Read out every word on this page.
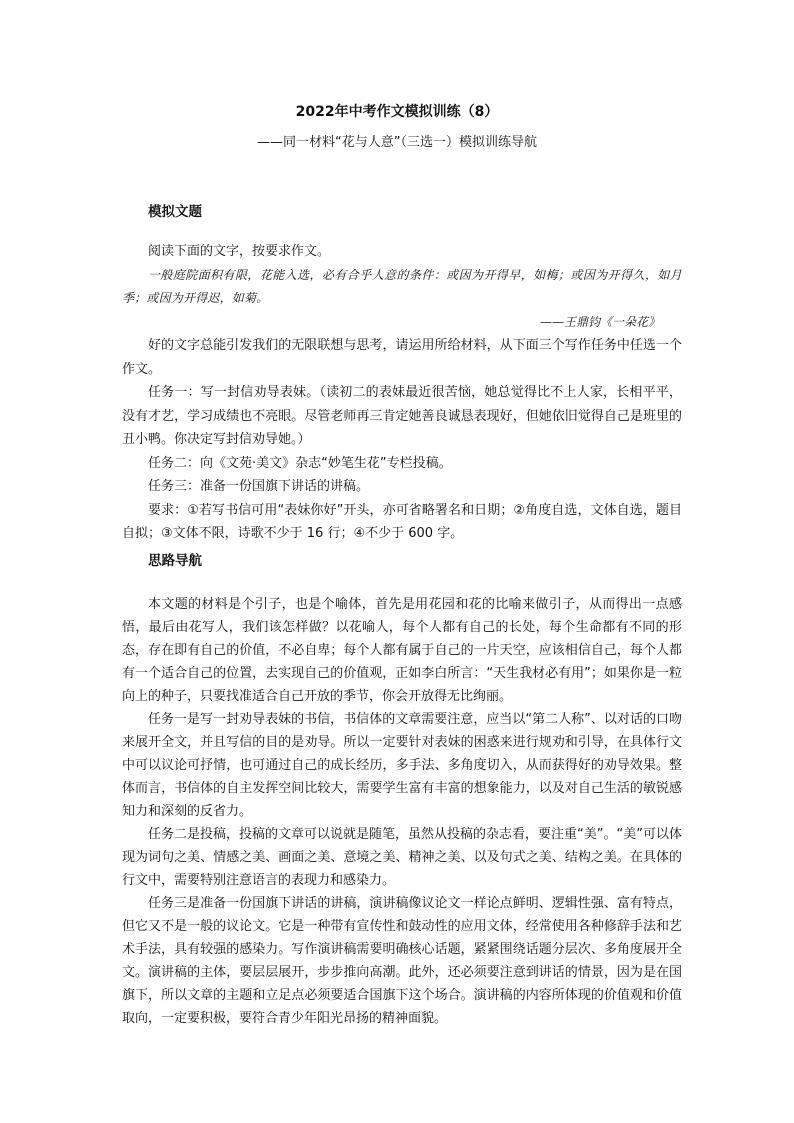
2022年中考作文模拟训练（8）
——同一材料“花与人意”（三选一）模拟训练导航
模拟文题

阅读下面的文字，按要求作文。

一般庭院面积有限，花能入选，必有合乎人意的条件：或因为开得早，如梅；或因为开得久，如月季；或因为开得迟，如菊。

——王鼎钧《一朵花》

好的文字总能引发我们的无限联想与思考，请运用所给材料，从下面三个写作任务中任选一个作文。

任务一：写一封信劝导表妹。（读初二的表妹最近很苦恼，她总觉得比不上人家，长相平平，没有才艺，学习成绩也不亮眼。尽管老师再三肯定她善良诚恳表现好，但她依旧觉得自己是班里的丑小鸭。你决定写封信劝导她。）

任务二：向《文苑·美文》杂志“妙笔生花”专栏投稿。

任务三：准备一份国旗下讲话的讲稿。

要求：①若写书信可用“表妹你好”开头，亦可省略署名和日期；②角度自选，文体自选，题目自拟；③文体不限，诗歌不少于 16 行；④不少于 600 字。

思路导航

本文题的材料是个引子，也是个喻体，首先是用花园和花的比喻来做引子，从而得出一点感悟，最后由花写人，我们该怎样做？以花喻人，每个人都有自己的长处，每个生命都有不同的形态，存在即有自己的价值，不必自卑；每个人都有属于自己的一片天空，应该相信自己，每个人都有一个适合自己的位置，去实现自己的价值观，正如李白所言：“天生我材必有用”；如果你是一粒向上的种子，只要找准适合自己开放的季节，你会开放得无比绚丽。

任务一是写一封劝导表妹的书信，书信体的文章需要注意，应当以“第二人称”、以对话的口吻来展开全文，并且写信的目的是劝导。所以一定要针对表妹的困惑来进行规劝和引导，在具体行文中可以议论可抒情，也可通过自己的成长经历，多手法、多角度切入，从而获得好的劝导效果。整体而言，书信体的自主发挥空间比较大，需要学生富有丰富的想象能力，以及对自己生活的敏锐感知力和深刻的反省力。

任务二是投稿，投稿的文章可以说就是随笔，虽然从投稿的杂志看，要注重“美”。“美”可以体现为词句之美、情感之美、画面之美、意境之美、精神之美、以及句式之美、结构之美。在具体的行文中，需要特别注意语言的表现力和感染力。

任务三是准备一份国旗下讲话的讲稿，演讲稿像议论文一样论点鲜明、逻辑性强、富有特点，但它又不是一般的议论文。它是一种带有宣传性和鼓动性的应用文体，经常使用各种修辞手法和艺术手法，具有较强的感染力。写作演讲稿需要明确核心话题，紧紧围绕话题分层次、多角度展开全文。演讲稿的主体，要层层展开，步步推向高潮。此外，还必须要注意到讲话的情景，因为是在国旗下，所以文章的主题和立足点必须要适合国旗下这个场合。演讲稿的内容所体现的价值观和价值取向，一定要积极，要符合青少年阳光昂扬的精神面貌。
